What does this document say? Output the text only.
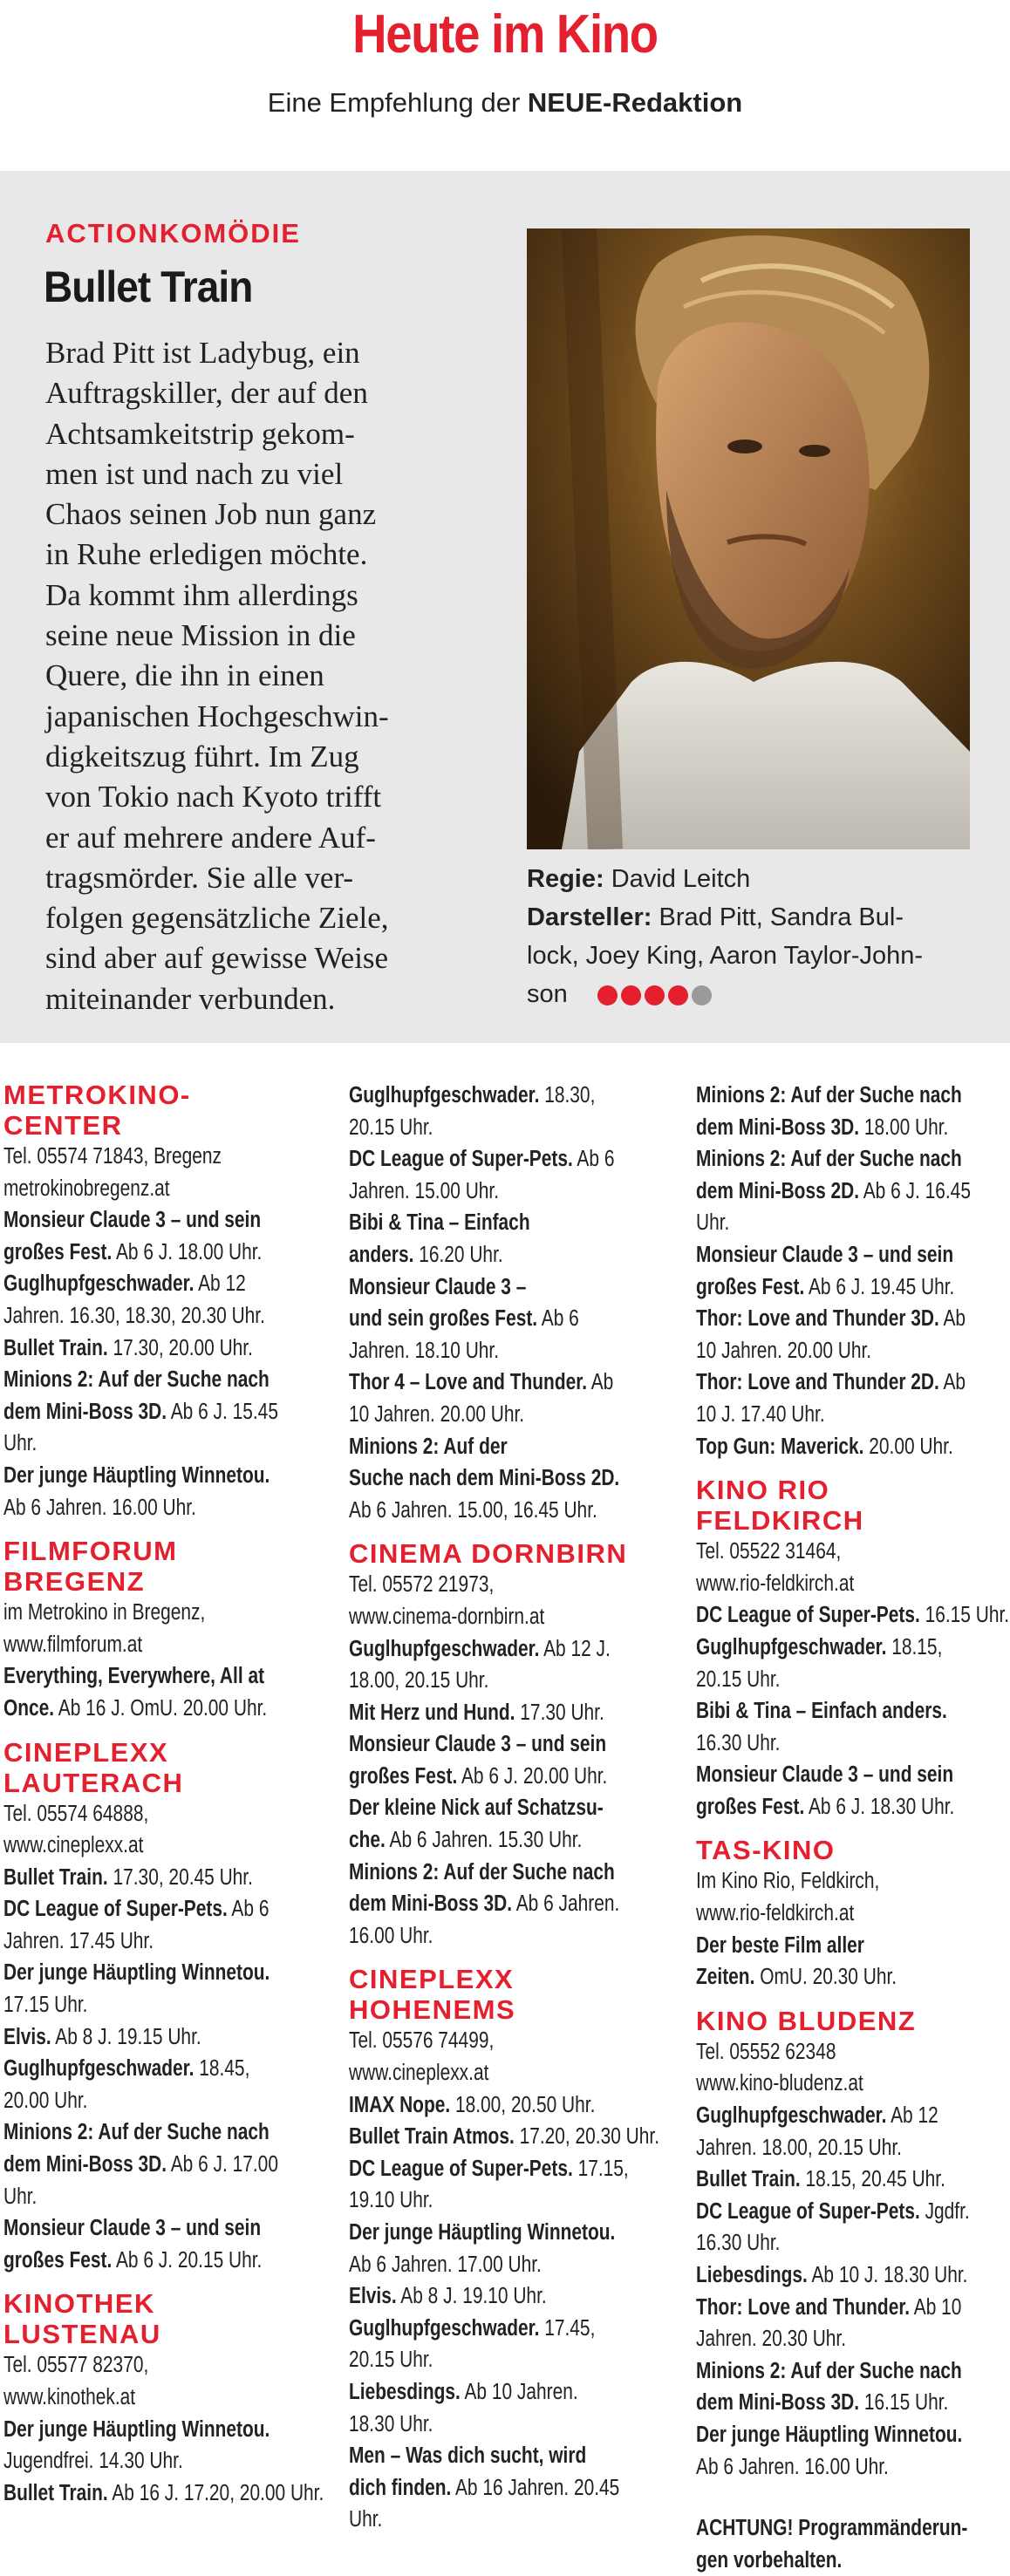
Heute im Kino
Eine Empfehlung der NEUE-Redaktion
ACTIONKOMÖDIE
Bullet Train
Brad Pitt ist Ladybug, ein
Auftragskiller, der auf den
Achtsamkeitstrip gekom-
men ist und nach zu viel
Chaos seinen Job nun ganz
in Ruhe erledigen möchte.
Da kommt ihm allerdings
seine neue Mission in die
Quere, die ihn in einen
japanischen Hochgeschwin-
digkeitszug führt. Im Zug
von Tokio nach Kyoto trifft
er auf mehrere andere Auf-
tragsmörder. Sie alle ver-
folgen gegensätzliche Ziele,
sind aber auf gewisse Weise
miteinander verbunden.
Regie: David Leitch
Darsteller: Brad Pitt, Sandra Bul-
lock, Joey King, Aaron Taylor-John-
son
METROKINO-
CENTER
Tel. 05574 71843, Bregenz
metrokinobregenz.at
Monsieur Claude 3 – und sein
großes Fest. Ab 6 J. 18.00 Uhr.
Guglhupfgeschwader. Ab 12
Jahren. 16.30, 18.30, 20.30 Uhr.
Bullet Train. 17.30, 20.00 Uhr.
Minions 2: Auf der Suche nach
dem Mini-Boss 3D. Ab 6 J. 15.45
Uhr.
Der junge Häuptling Winnetou.
Ab 6 Jahren. 16.00 Uhr.
FILMFORUM
BREGENZ
im Metrokino in Bregenz,
www.filmforum.at
Everything, Everywhere, All at
Once. Ab 16 J. OmU. 20.00 Uhr.
CINEPLEXX
LAUTERACH
Tel. 05574 64888,
www.cineplexx.at
Bullet Train. 17.30, 20.45 Uhr.
DC League of Super-Pets. Ab 6
Jahren. 17.45 Uhr.
Der junge Häuptling Winnetou.
17.15 Uhr.
Elvis. Ab 8 J. 19.15 Uhr.
Guglhupfgeschwader. 18.45,
20.00 Uhr.
Minions 2: Auf der Suche nach
dem Mini-Boss 3D. Ab 6 J. 17.00
Uhr.
Monsieur Claude 3 – und sein
großes Fest. Ab 6 J. 20.15 Uhr.
KINOTHEK
LUSTENAU
Tel. 05577 82370,
www.kinothek.at
Der junge Häuptling Winnetou.
Jugendfrei. 14.30 Uhr.
Bullet Train. Ab 16 J. 17.20, 20.00 Uhr.
Guglhupfgeschwader. 18.30,
20.15 Uhr.
DC League of Super-Pets. Ab 6
Jahren. 15.00 Uhr.
Bibi & Tina – Einfach
anders. 16.20 Uhr.
Monsieur Claude 3 –
und sein großes Fest. Ab 6
Jahren. 18.10 Uhr.
Thor 4 – Love and Thunder. Ab
10 Jahren. 20.00 Uhr.
Minions 2: Auf der
Suche nach dem Mini-Boss 2D.
Ab 6 Jahren. 15.00, 16.45 Uhr.
CINEMA DORNBIRN
Tel. 05572 21973,
www.cinema-dornbirn.at
Guglhupfgeschwader. Ab 12 J.
18.00, 20.15 Uhr.
Mit Herz und Hund. 17.30 Uhr.
Monsieur Claude 3 – und sein
großes Fest. Ab 6 J. 20.00 Uhr.
Der kleine Nick auf Schatzsu-
che. Ab 6 Jahren. 15.30 Uhr.
Minions 2: Auf der Suche nach
dem Mini-Boss 3D. Ab 6 Jahren.
16.00 Uhr.
CINEPLEXX
HOHENEMS
Tel. 05576 74499,
www.cineplexx.at
IMAX Nope. 18.00, 20.50 Uhr.
Bullet Train Atmos. 17.20, 20.30 Uhr.
DC League of Super-Pets. 17.15,
19.10 Uhr.
Der junge Häuptling Winnetou.
Ab 6 Jahren. 17.00 Uhr.
Elvis. Ab 8 J. 19.10 Uhr.
Guglhupfgeschwader. 17.45,
20.15 Uhr.
Liebesdings. Ab 10 Jahren.
18.30 Uhr.
Men – Was dich sucht, wird
dich finden. Ab 16 Jahren. 20.45
Uhr.
Minions 2: Auf der Suche nach
dem Mini-Boss 3D. 18.00 Uhr.
Minions 2: Auf der Suche nach
dem Mini-Boss 2D. Ab 6 J. 16.45
Uhr.
Monsieur Claude 3 – und sein
großes Fest. Ab 6 J. 19.45 Uhr.
Thor: Love and Thunder 3D. Ab
10 Jahren. 20.00 Uhr.
Thor: Love and Thunder 2D. Ab
10 J. 17.40 Uhr.
Top Gun: Maverick. 20.00 Uhr.
KINO RIO
FELDKIRCH
Tel. 05522 31464,
www.rio-feldkirch.at
DC League of Super-Pets. 16.15 Uhr.
Guglhupfgeschwader. 18.15,
20.15 Uhr.
Bibi & Tina – Einfach anders.
16.30 Uhr.
Monsieur Claude 3 – und sein
großes Fest. Ab 6 J. 18.30 Uhr.
TAS-KINO
Im Kino Rio, Feldkirch,
www.rio-feldkirch.at
Der beste Film aller
Zeiten. OmU. 20.30 Uhr.
KINO BLUDENZ
Tel. 05552 62348
www.kino-bludenz.at
Guglhupfgeschwader. Ab 12
Jahren. 18.00, 20.15 Uhr.
Bullet Train. 18.15, 20.45 Uhr.
DC League of Super-Pets. Jgdfr.
16.30 Uhr.
Liebesdings. Ab 10 J. 18.30 Uhr.
Thor: Love and Thunder. Ab 10
Jahren. 20.30 Uhr.
Minions 2: Auf der Suche nach
dem Mini-Boss 3D. 16.15 Uhr.
Der junge Häuptling Winnetou.
Ab 6 Jahren. 16.00 Uhr.
ACHTUNG! Programmänderun-
gen vorbehalten.
